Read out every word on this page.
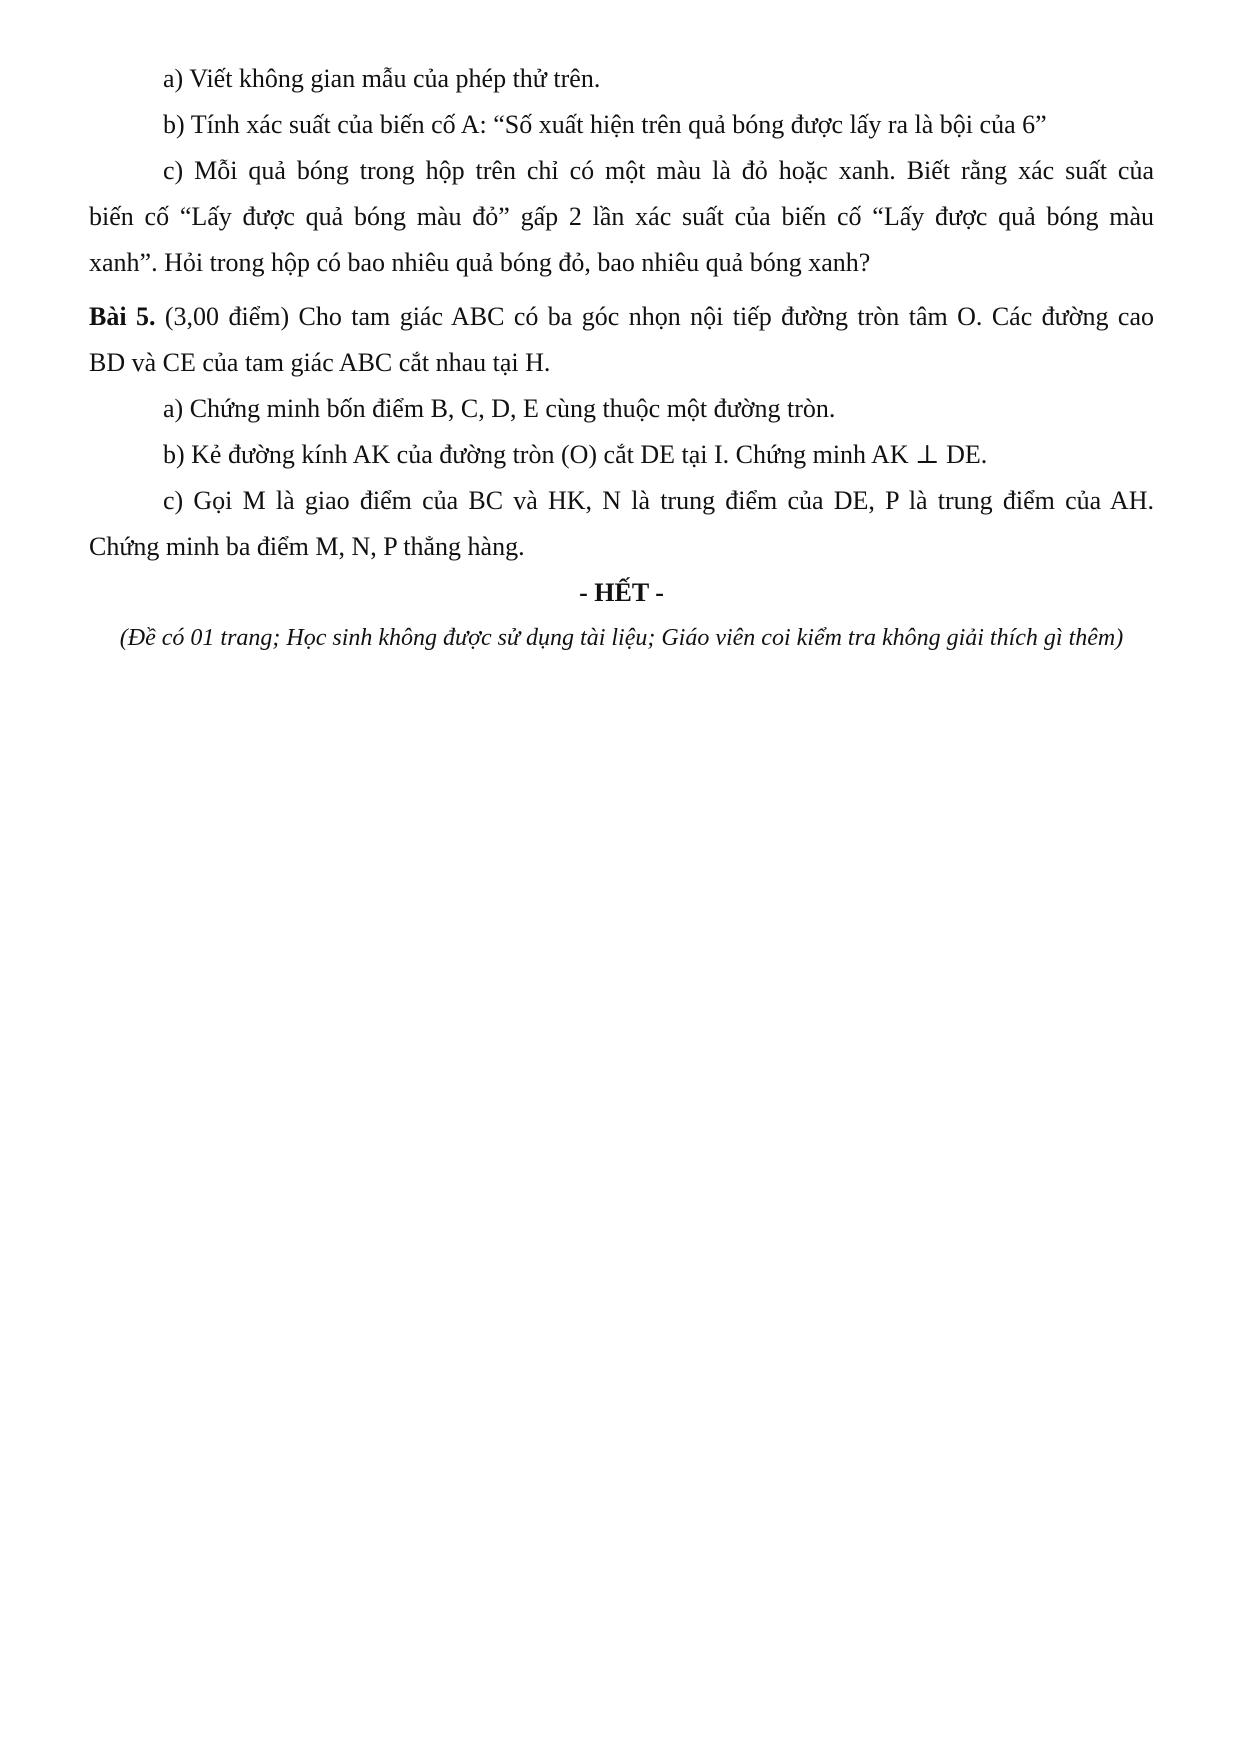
a) Viết không gian mẫu của phép thử trên.

b) Tính xác suất của biến cố A: “Số xuất hiện trên quả bóng được lấy ra là bội của 6”

c) Mỗi quả bóng trong hộp trên chỉ có một màu là đỏ hoặc xanh. Biết rằng xác suất của

biến cố “Lấy được quả bóng màu đỏ” gấp 2 lần xác suất của biến cố “Lấy được quả bóng màu

xanh”. Hỏi trong hộp có bao nhiêu quả bóng đỏ, bao nhiêu quả bóng xanh?

Bài 5. (3,00 điểm) Cho tam giác ABC có ba góc nhọn nội tiếp đường tròn tâm O. Các đường cao

BD và CE của tam giác ABC cắt nhau tại H.

a) Chứng minh bốn điểm B, C, D, E cùng thuộc một đường tròn.

b) Kẻ đường kính AK của đường tròn (O) cắt DE tại I. Chứng minh AK ⊥ DE.

c) Gọi M là giao điểm của BC và HK, N là trung điểm của DE, P là trung điểm của AH.

Chứng minh ba điểm M, N, P thẳng hàng.

- HẾT -

(Đề có 01 trang; Học sinh không được sử dụng tài liệu; Giáo viên coi kiểm tra không giải thích gì thêm)
